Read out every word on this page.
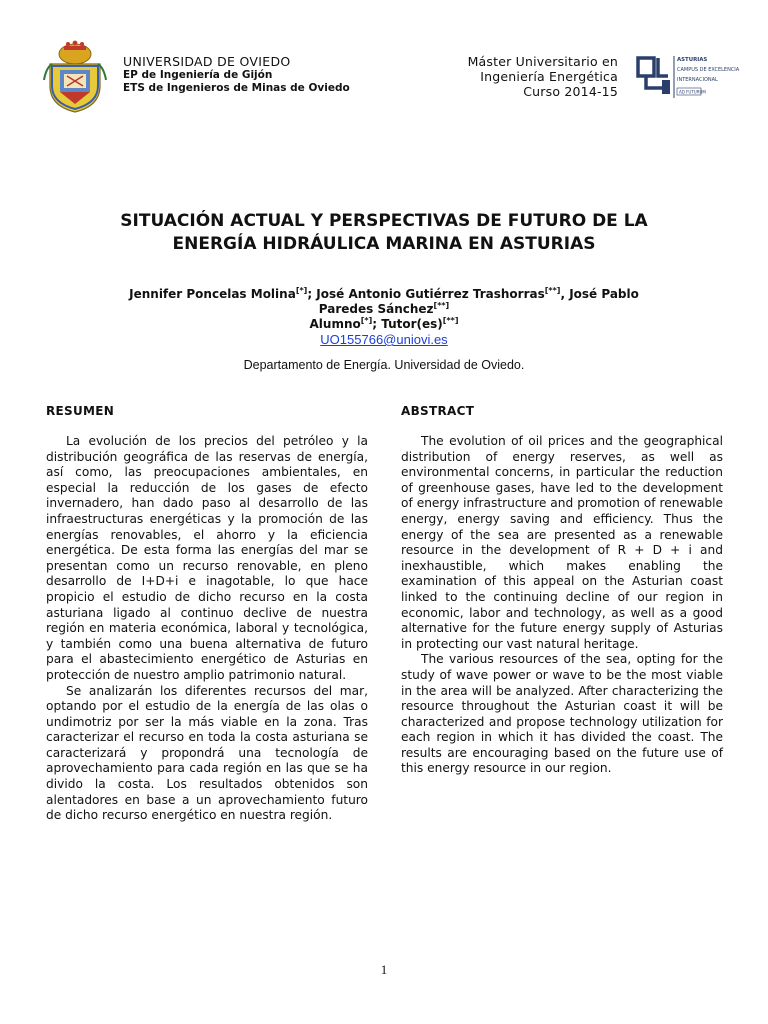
UNIVERSIDAD DE OVIEDO
EP de Ingeniería de Gijón
ETS de Ingenieros de Minas de Oviedo
Máster Universitario en
Ingeniería Energética
Curso 2014-15
ASTURIAS
CAMPUS DE EXCELENCIA
INTERNACIONAL
AD FUTURUM
SITUACIÓN ACTUAL Y PERSPECTIVAS DE FUTURO DE LA
ENERGÍA HIDRÁULICA MARINA EN ASTURIAS
Jennifer Poncelas Molina[*]; José Antonio Gutiérrez Trashorras[**], José Pablo
Paredes Sánchez[**]
Alumno[*]; Tutor(es)[**]
UO155766@uniovi.es
Departamento de Energía. Universidad de Oviedo.
RESUMEN	ABSTRACT

La evolución de los precios del petróleo y la distribución geográfica de las reservas de energía, así como, las preocupaciones ambientales, en especial la reducción de los gases de efecto invernadero, han dado paso al desarrollo de las infraestructuras energéticas y la promoción de las energías renovables, el ahorro y la eficiencia energética. De esta forma las energías del mar se presentan como un recurso renovable, en pleno desarrollo de I+D+i e inagotable, lo que hace propicio el estudio de dicho recurso en la costa asturiana ligado al continuo declive de nuestra región en materia económica, laboral y tecnológica, y también como una buena alternativa de futuro para el abastecimiento energético de Asturias en protección de nuestro amplio patrimonio natural.

Se analizarán los diferentes recursos del mar, optando por el estudio de la energía de las olas o undimotriz por ser la más viable en la zona. Tras caracterizar el recurso en toda la costa asturiana se caracterizará y propondrá una tecnología de aprovechamiento para cada región en las que se ha divido la costa. Los resultados obtenidos son alentadores en base a un aprovechamiento futuro de dicho recurso energético en nuestra región.

The evolution of oil prices and the geographical distribution of energy reserves, as well as environmental concerns, in particular the reduction of greenhouse gases, have led to the development of energy infrastructure and promotion of renewable energy, energy saving and efficiency. Thus the energy of the sea are presented as a renewable resource in the development of R + D + i and inexhaustible, which makes enabling the examination of this appeal on the Asturian coast linked to the continuing decline of our region in economic, labor and technology, as well as a good alternative for the future energy supply of Asturias in protecting our vast natural heritage.

The various resources of the sea, opting for the study of wave power or wave to be the most viable in the area will be analyzed. After characterizing the resource throughout the Asturian coast it will be characterized and propose technology utilization for each region in which it has divided the coast. The results are encouraging based on the future use of this energy resource in our region.

1
